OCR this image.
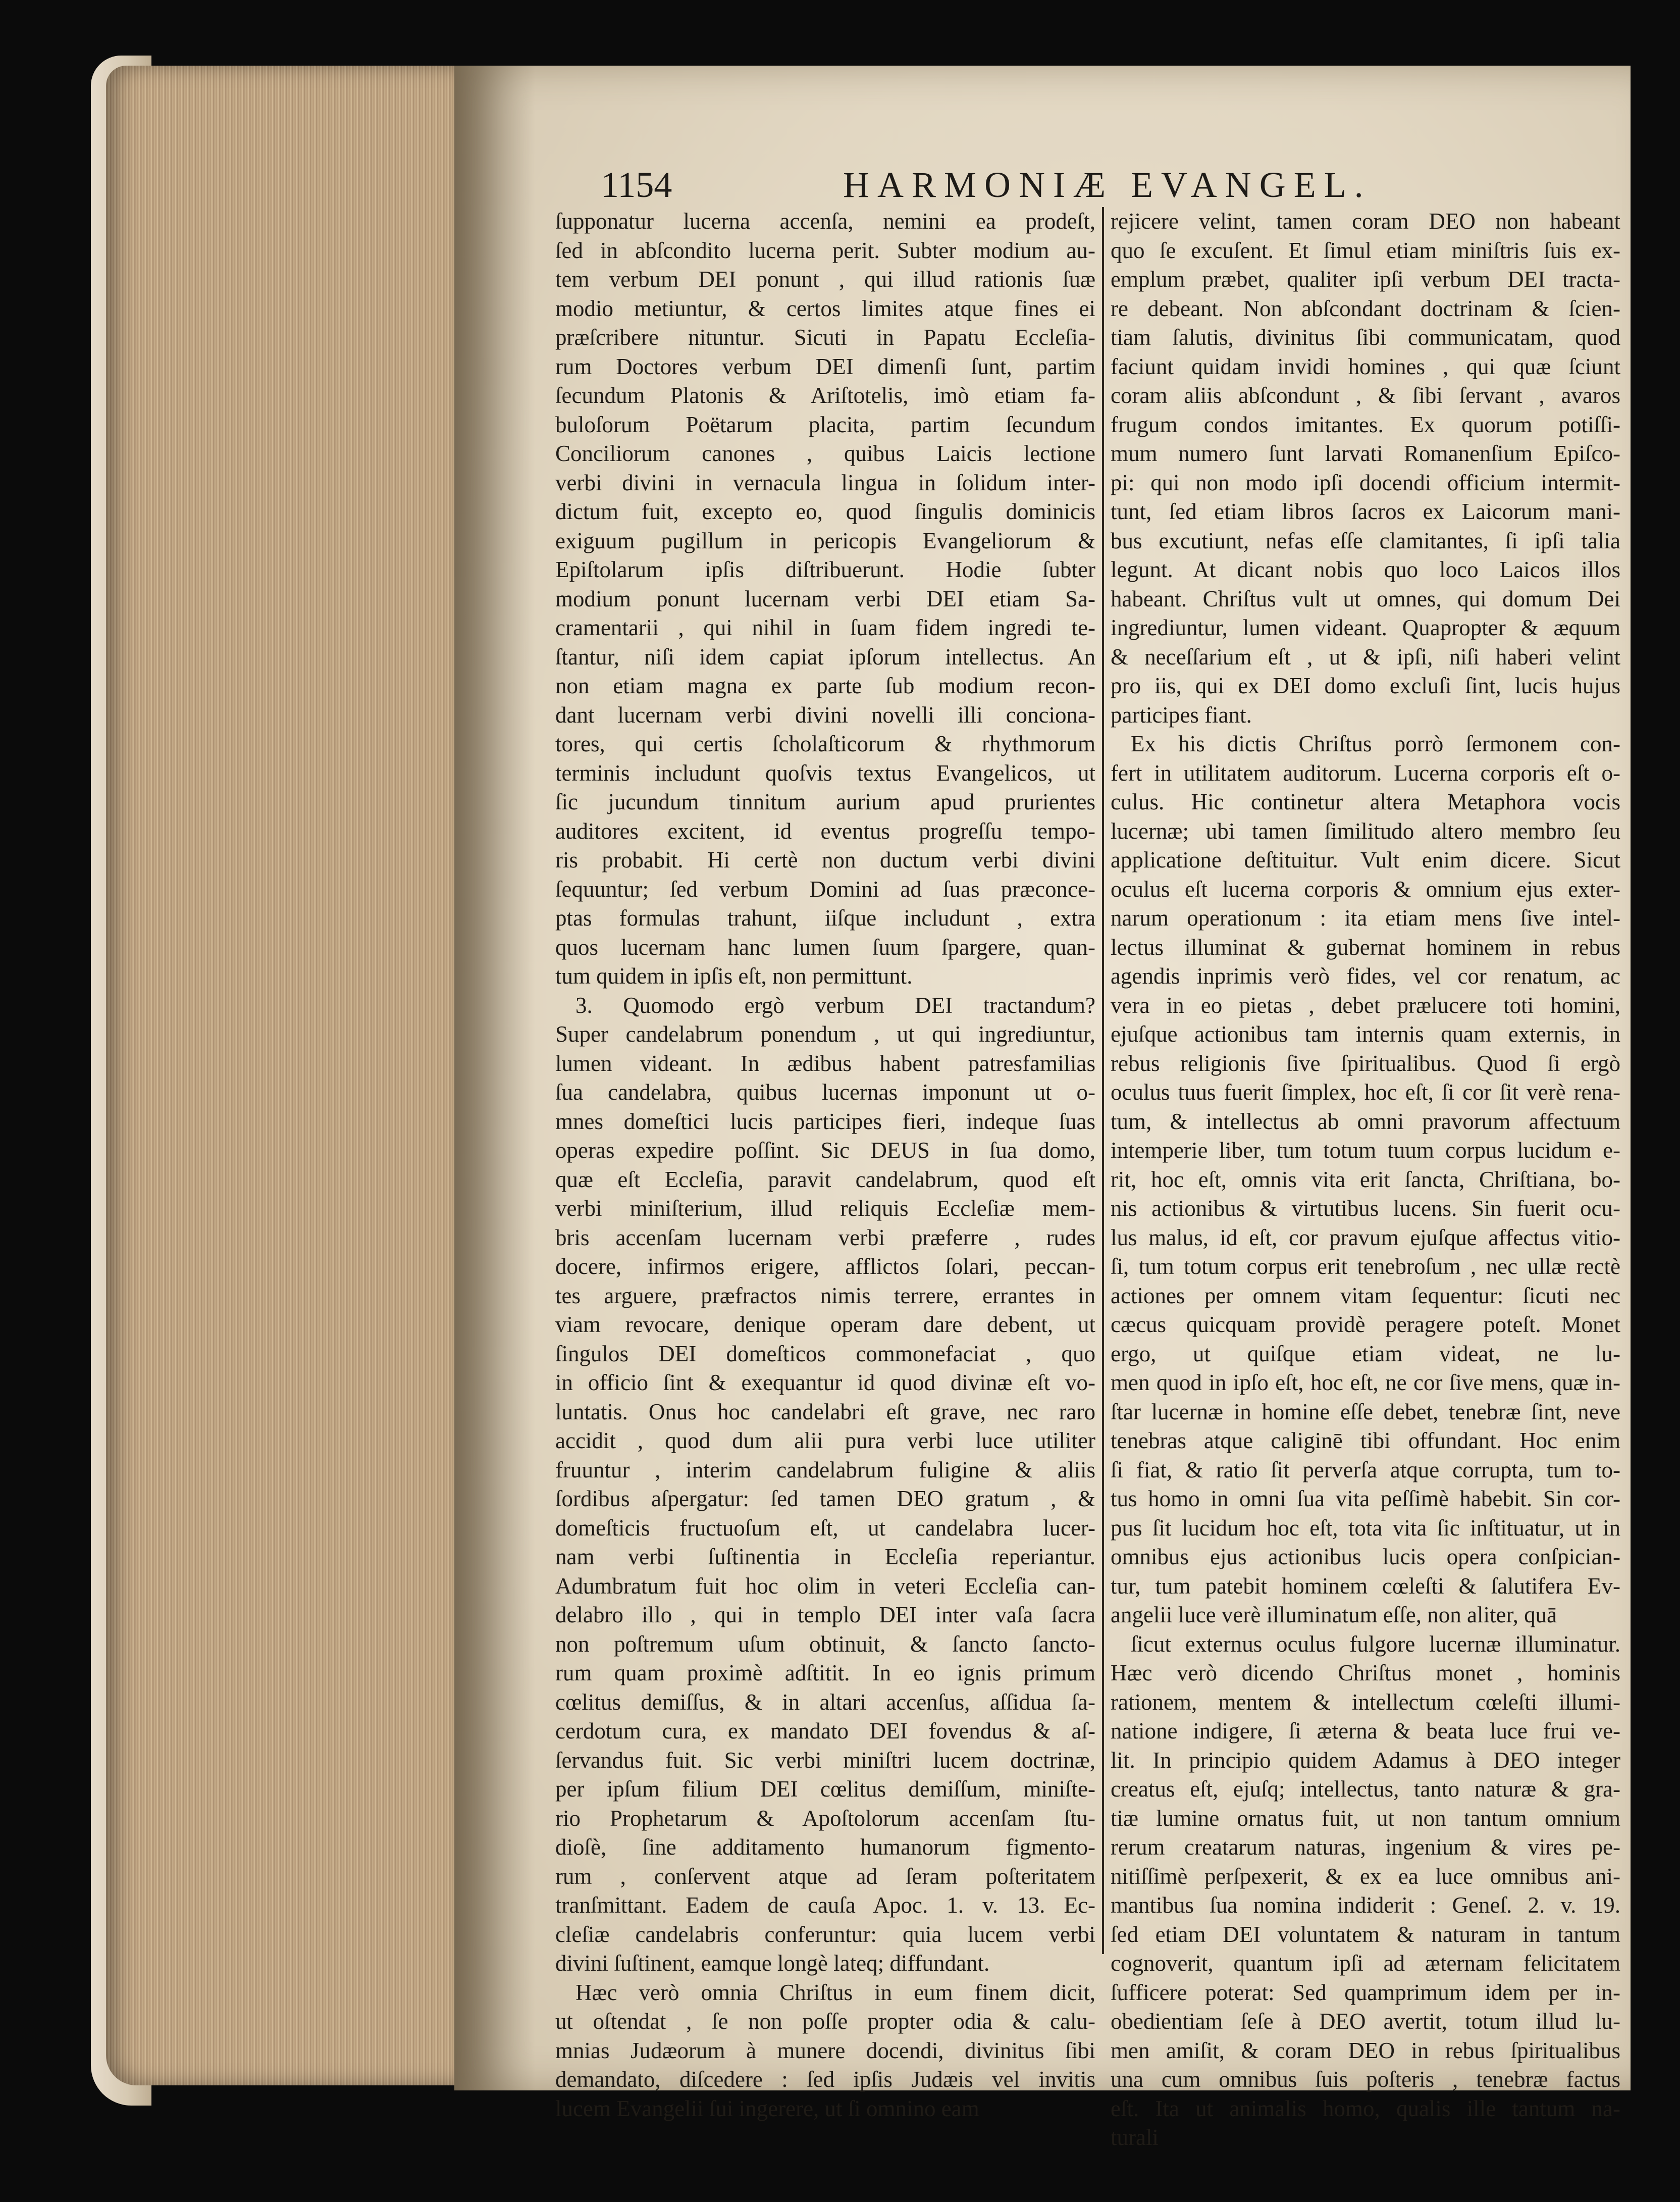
1154	HARMONIÆ EVANGEL.
ſupponatur lucerna accenſa, nemini ea prodeſt,
ſed in abſcondito lucerna perit. Subter modium au-
tem verbum DEI ponunt , qui illud rationis ſuæ
modio metiuntur, & certos limites atque fines ei
præſcribere nituntur. Sicuti in Papatu Eccleſia-
rum Doctores verbum DEI dimenſi ſunt, partim
ſecundum Platonis & Ariſtotelis, imò etiam fa-
buloſorum Poëtarum placita, partim ſecundum
Conciliorum canones , quibus Laicis lectione
verbi divini in vernacula lingua in ſolidum inter-
dictum fuit, excepto eo, quod ſingulis dominicis
exiguum pugillum in pericopis Evangeliorum &
Epiſtolarum ipſis diſtribuerunt. Hodie ſubter
modium ponunt lucernam verbi DEI etiam Sa-
cramentarii , qui nihil in ſuam fidem ingredi te-
ſtantur, niſi idem capiat ipſorum intellectus. An
non etiam magna ex parte ſub modium recon-
dant lucernam verbi divini novelli illi conciona-
tores, qui certis ſcholaſticorum & rhythmorum
terminis includunt quoſvis textus Evangelicos, ut
ſic jucundum tinnitum aurium apud prurientes
auditores excitent, id eventus progreſſu tempo-
ris probabit. Hi certè non ductum verbi divini
ſequuntur; ſed verbum Domini ad ſuas præconce-
ptas formulas trahunt, iiſque includunt , extra
quos lucernam hanc lumen ſuum ſpargere, quan-
tum quidem in ipſis eſt, non permittunt.
3. Quomodo ergò verbum DEI tractandum?
Super candelabrum ponendum , ut qui ingrediuntur,
lumen videant. In ædibus habent patresfamilias
ſua candelabra, quibus lucernas imponunt ut o-
mnes domeſtici lucis participes fieri, indeque ſuas
operas expedire poſſint. Sic DEUS in ſua domo,
quæ eſt Eccleſia, paravit candelabrum, quod eſt
verbi miniſterium, illud reliquis Eccleſiæ mem-
bris accenſam lucernam verbi præferre , rudes
docere, infirmos erigere, afflictos ſolari, peccan-
tes arguere, præfractos nimis terrere, errantes in
viam revocare, denique operam dare debent, ut
ſingulos DEI domeſticos commonefaciat , quo
in officio ſint & exequantur id quod divinæ eſt vo-
luntatis. Onus hoc candelabri eſt grave, nec raro
accidit , quod dum alii pura verbi luce utiliter
fruuntur , interim candelabrum fuligine & aliis
ſordibus aſpergatur: ſed tamen DEO gratum , &
domeſticis fructuoſum eſt, ut candelabra lucer-
nam verbi ſuſtinentia in Eccleſia reperiantur.
Adumbratum fuit hoc olim in veteri Eccleſia can-
delabro illo , qui in templo DEI inter vaſa ſacra
non poſtremum uſum obtinuit, & ſancto ſancto-
rum quam proximè adſtitit. In eo ignis primum
cœlitus demiſſus, & in altari accenſus, aſſidua ſa-
cerdotum cura, ex mandato DEI fovendus & aſ-
ſervandus fuit. Sic verbi miniſtri lucem doctrinæ,
per ipſum filium DEI cœlitus demiſſum, miniſte-
rio Prophetarum & Apoſtolorum accenſam ſtu-
dioſè, ſine additamento humanorum figmento-
rum , conſervent atque ad ſeram poſteritatem
tranſmittant. Eadem de cauſa Apoc. 1. v. 13. Ec-
cleſiæ candelabris conferuntur: quia lucem verbi
divini ſuſtinent, eamque longè lateq; diffundant.
Hæc verò omnia Chriſtus in eum finem dicit,
ut oſtendat , ſe non poſſe propter odia & calu-
mnias Judæorum à munere docendi, divinitus ſibi
demandato, diſcedere : ſed ipſis Judæis vel invitis
lucem Evangelii ſui ingerere, ut ſi omnino eam
rejicere velint, tamen coram DEO non habeant
quo ſe excuſent. Et ſimul etiam miniſtris ſuis ex-
emplum præbet, qualiter ipſi verbum DEI tracta-
re debeant. Non abſcondant doctrinam & ſcien-
tiam ſalutis, divinitus ſibi communicatam, quod
faciunt quidam invidi homines , qui quæ ſciunt
coram aliis abſcondunt , & ſibi ſervant , avaros
frugum condos imitantes. Ex quorum potiſſi-
mum numero ſunt larvati Romanenſium Epiſco-
pi: qui non modo ipſi docendi officium intermit-
tunt, ſed etiam libros ſacros ex Laicorum mani-
bus excutiunt, nefas eſſe clamitantes, ſi ipſi talia
legunt. At dicant nobis quo loco Laicos illos
habeant. Chriſtus vult ut omnes, qui domum Dei
ingrediuntur, lumen videant. Quapropter & æquum
& neceſſarium eſt , ut & ipſi, niſi haberi velint
pro iis, qui ex DEI domo excluſi ſint, lucis hujus
participes fiant.
Ex his dictis Chriſtus porrò ſermonem con-
fert in utilitatem auditorum. Lucerna corporis eſt o-
culus. Hic continetur altera Metaphora vocis
lucernæ; ubi tamen ſimilitudo altero membro ſeu
applicatione deſtituitur. Vult enim dicere. Sicut
oculus eſt lucerna corporis & omnium ejus exter-
narum operationum : ita etiam mens ſive intel-
lectus illuminat & gubernat hominem in rebus
agendis inprimis verò fides, vel cor renatum, ac
vera in eo pietas , debet prælucere toti homini,
ejuſque actionibus tam internis quam externis, in
rebus religionis ſive ſpiritualibus. Quod ſi ergò
oculus tuus fuerit ſimplex, hoc eſt, ſi cor ſit verè rena-
tum, & intellectus ab omni pravorum affectuum
intemperie liber, tum totum tuum corpus lucidum e-
rit, hoc eſt, omnis vita erit ſancta, Chriſtiana, bo-
nis actionibus & virtutibus lucens. Sin fuerit ocu-
lus malus, id eſt, cor pravum ejuſque affectus vitio-
ſi, tum totum corpus erit tenebroſum , nec ullæ rectè
actiones per omnem vitam ſequentur: ſicuti nec
cæcus quicquam providè peragere poteſt. Monet
ergo, ut quiſque etiam videat, ne lu-
men quod in ipſo eſt, hoc eſt, ne cor ſive mens, quæ in-
ſtar lucernæ in homine eſſe debet, tenebræ ſint, neve
tenebras atque caliginē tibi offundant. Hoc enim
ſi fiat, & ratio ſit perverſa atque corrupta, tum to-
tus homo in omni ſua vita peſſimè habebit. Sin cor-
pus ſit lucidum hoc eſt, tota vita ſic inſtituatur, ut in
omnibus ejus actionibus lucis opera conſpician-
tur, tum patebit hominem cœleſti & ſalutifera Ev-
angelii luce verè illuminatum eſſe, non aliter, quā
ſicut externus oculus fulgore lucernæ illuminatur.
Hæc verò dicendo Chriſtus monet , hominis
rationem, mentem & intellectum cœleſti illumi-
natione indigere, ſi æterna & beata luce frui ve-
lit. In principio quidem Adamus à DEO integer
creatus eſt, ejuſq; intellectus, tanto naturæ & gra-
tiæ lumine ornatus fuit, ut non tantum omnium
rerum creatarum naturas, ingenium & vires pe-
nitiſſimè perſpexerit, & ex ea luce omnibus ani-
mantibus ſua nomina indiderit : Geneſ. 2. v. 19.
ſed etiam DEI voluntatem & naturam in tantum
cognoverit, quantum ipſi ad æternam felicitatem
ſufficere poterat: Sed quamprimum idem per in-
obedientiam ſeſe à DEO avertit, totum illud lu-
men amiſit, & coram DEO in rebus ſpiritualibus
una cum omnibus ſuis poſteris , tenebræ factus
eſt. Ita ut animalis homo, qualis ille tantum na-
turali
